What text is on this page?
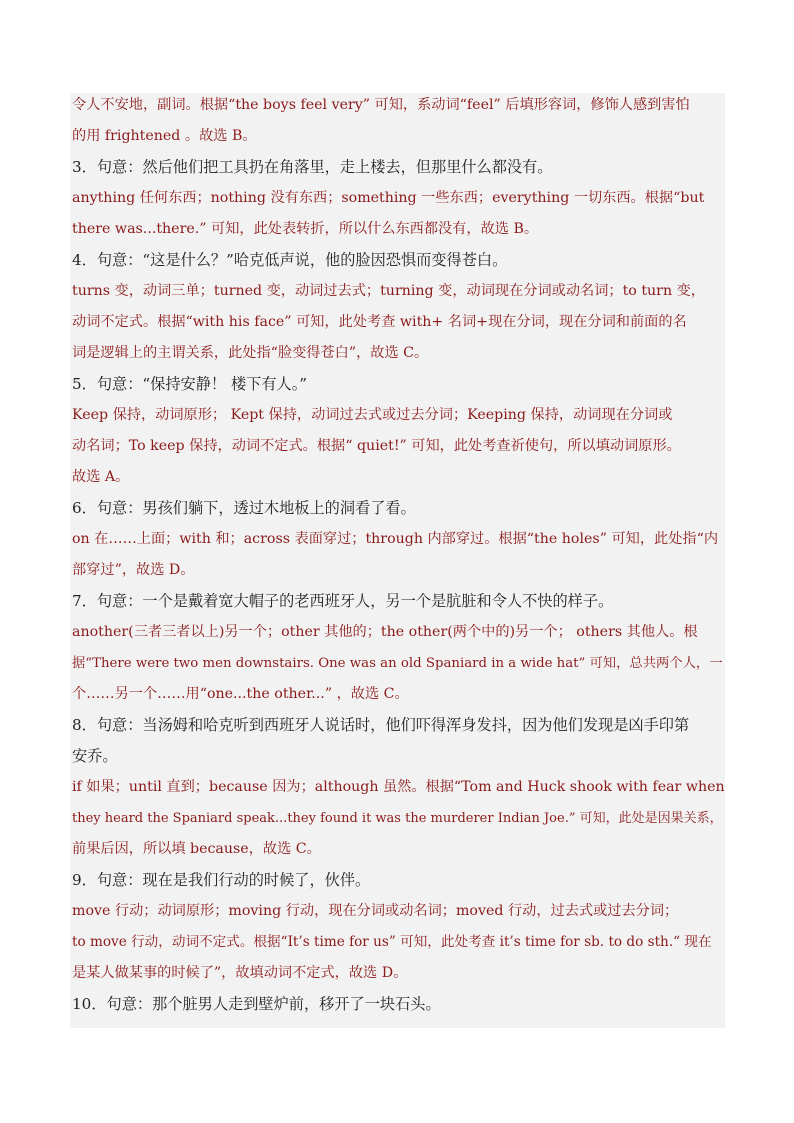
令人不安地，副词。根据“the boys feel very” 可知，系动词“feel” 后填形容词，修饰人感到害怕
的用 frightened 。故选 B。
3．句意：然后他们把工具扔在角落里，走上楼去，但那里什么都没有。
anything 任何东西；nothing 没有东西；something 一些东西；everything 一切东西。根据“but
there was...there.” 可知，此处表转折，所以什么东西都没有，故选 B。
4．句意：“这是什么？”哈克低声说，他的脸因恐惧而变得苍白。
turns 变，动词三单；turned 变，动词过去式；turning 变，动词现在分词或动名词；to turn 变，
动词不定式。根据“with his face” 可知，此处考查 with+ 名词+现在分词，现在分词和前面的名
词是逻辑上的主谓关系，此处指“脸变得苍白”，故选 C。
5．句意：“保持安静！ 楼下有人。”
Keep 保持，动词原形； Kept 保持，动词过去式或过去分词；Keeping 保持，动词现在分词或
动名词；To keep 保持，动词不定式。根据“ quiet!” 可知，此处考查祈使句，所以填动词原形。
故选 A。
6．句意：男孩们躺下，透过木地板上的洞看了看。
on 在……上面；with 和；across 表面穿过；through 内部穿过。根据“the holes” 可知，此处指“内
部穿过”，故选 D。
7．句意：一个是戴着宽大帽子的老西班牙人，另一个是肮脏和令人不快的样子。
another(三者三者以上)另一个；other 其他的；the other(两个中的)另一个； others 其他人。根
据“There were two men downstairs. One was an old Spaniard in a wide hat” 可知，总共两个人，一
个……另一个……用“one...the other...” ，故选 C。
8．句意：当汤姆和哈克听到西班牙人说话时，他们吓得浑身发抖，因为他们发现是凶手印第
安乔。
if 如果；until 直到；because 因为；although 虽然。根据“Tom and Huck shook with fear when
they heard the Spaniard speak...they found it was the murderer Indian Joe.” 可知，此处是因果关系，
前果后因，所以填 because，故选 C。
9．句意：现在是我们行动的时候了，伙伴。
move 行动；动词原形；moving 行动，现在分词或动名词；moved 行动，过去式或过去分词；
to move 行动，动词不定式。根据“It’s time for us” 可知，此处考查 it’s time for sb. to do sth.“ 现在
是某人做某事的时候了”，故填动词不定式，故选 D。
10．句意：那个脏男人走到壁炉前，移开了一块石头。
